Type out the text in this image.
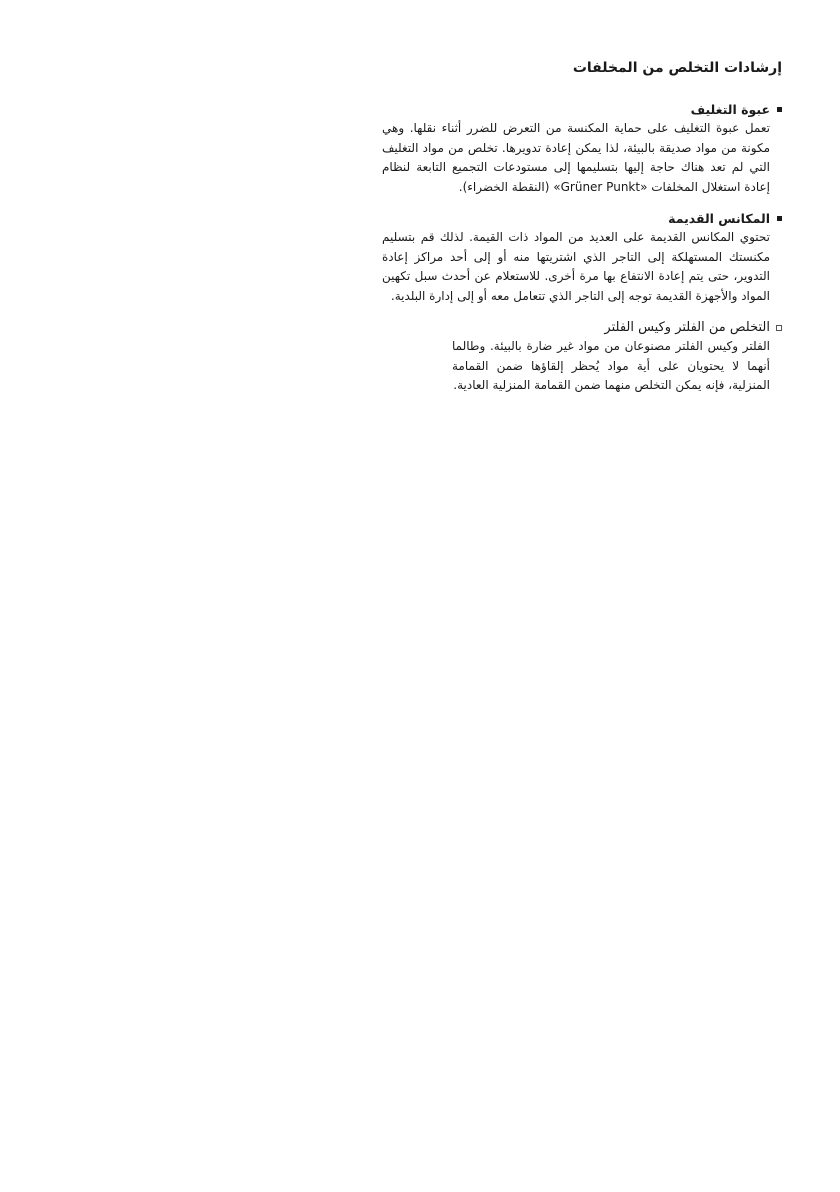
إرشادات التخلص من المخلفات
عبوة التغليف

تعمل عبوة التغليف على حماية المكنسة من التعرض للضرر أثناء نقلها. وهي مكونة من مواد صديقة بالبيئة، لذا يمكن إعادة تدويرها. تخلص من مواد التغليف التي لم تعد هناك حاجة إليها بتسليمها إلى مستودعات التجميع التابعة لنظام إعادة استغلال المخلفات «Grüner Punkt» (النقطة الخضراء).

المكانس القديمة

تحتوي المكانس القديمة على العديد من المواد ذات القيمة. لذلك قم بتسليم مكنستك المستهلكة إلى التاجر الذي اشتريتها منه أو إلى أحد مراكز إعادة التدوير، حتى يتم إعادة الانتفاع بها مرة أخرى. للاستعلام عن أحدث سبل تكهين المواد والأجهزة القديمة توجه إلى التاجر الذي تتعامل معه أو إلى إدارة البلدية.

التخلص من الفلتر وكيس الفلتر

الفلتر وكيس الفلتر مصنوعان من مواد غير ضارة بالبيئة. وطالما أنهما لا يحتويان على أية مواد يُحظر إلقاؤها ضمن القمامة المنزلية، فإنه يمكن التخلص منهما ضمن القمامة المنزلية العادية.
